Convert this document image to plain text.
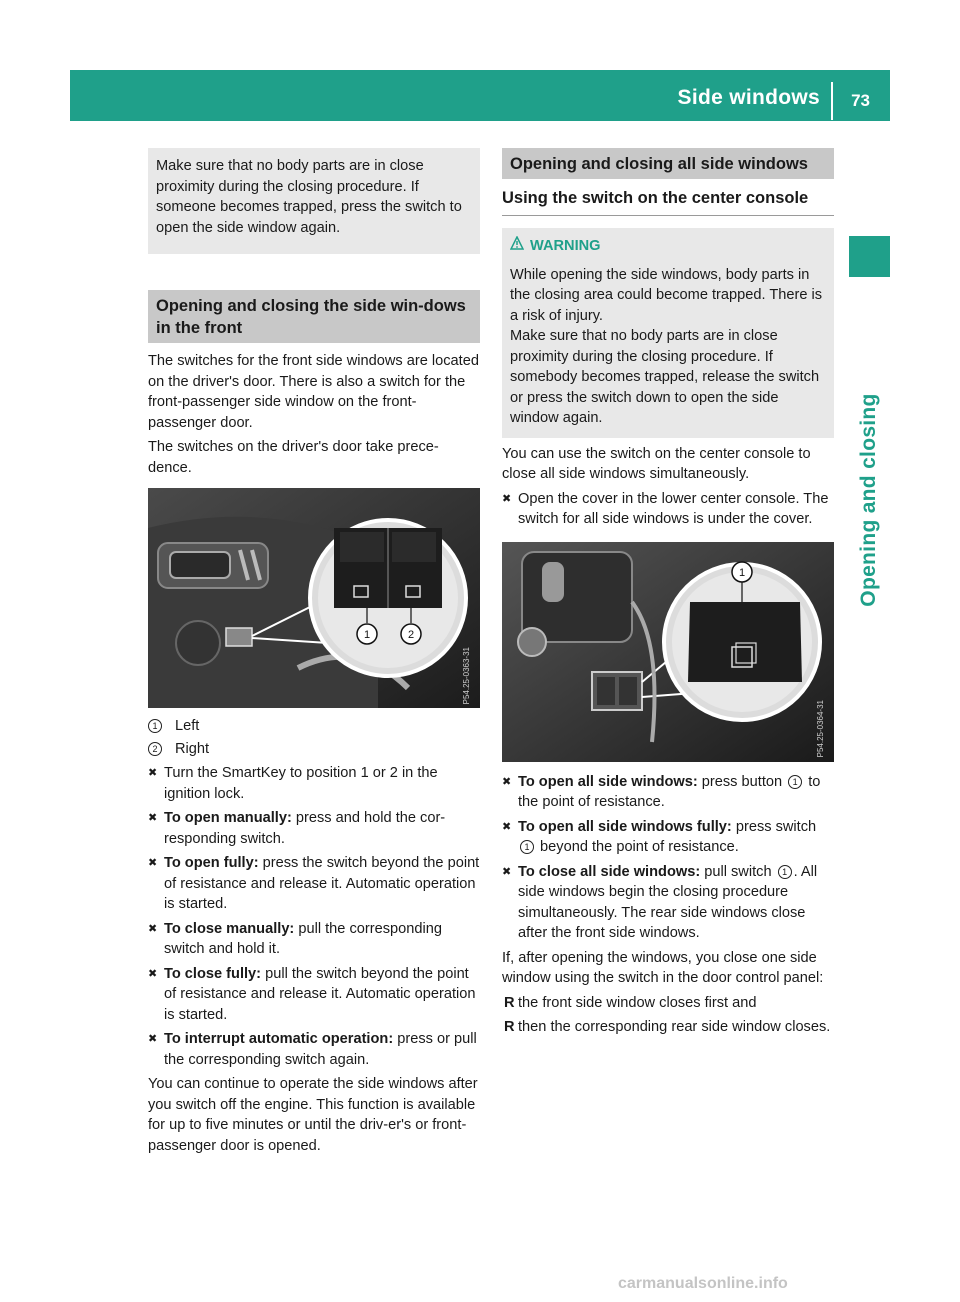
Side windows 73
Opening and closing

Make sure that no body parts are in close proximity during the closing procedure. If someone becomes trapped, press the switch to open the side window again.

Opening and closing the side win-dows in the front

The switches for the front side windows are located on the driver's door. There is also a switch for the front-passenger side window on the front-passenger door.

The switches on the driver's door take prece-dence.

1	2
P54.25-0363-31
1	Left
2	Right
✖ Turn the SmartKey to position 1 or 2 in the ignition lock.
✖ To open manually: press and hold the cor-responding switch.
✖ To open fully: press the switch beyond the point of resistance and release it. Automatic operation is started.
✖ To close manually: pull the corresponding switch and hold it.
✖ To close fully: pull the switch beyond the point of resistance and release it. Automatic operation is started.
✖ To interrupt automatic operation: press or pull the corresponding switch again.

You can continue to operate the side windows after you switch off the engine. This function is available for up to five minutes or until the driv-er's or front-passenger door is opened.

Opening and closing all side windows
Using the switch on the center console
WARNING

While opening the side windows, body parts in the closing area could become trapped. There is a risk of injury.

Make sure that no body parts are in close proximity during the closing procedure. If somebody becomes trapped, release the switch or press the switch down to open the side window again.

You can use the switch on the center console to close all side windows simultaneously.

✖ Open the cover in the lower center console. The switch for all side windows is under the cover.
1
P54.25-0364-31
✖ To open all side windows: press button 1 to the point of resistance.
✖ To open all side windows fully: press switch 1 beyond the point of resistance.
✖ To close all side windows: pull switch 1 . All side windows begin the closing procedure simultaneously. The rear side windows close after the front side windows.

If, after opening the windows, you close one side window using the switch in the door control panel:

R the front side window closes first and
R then the corresponding rear side window closes.
carmanualsonline.info
